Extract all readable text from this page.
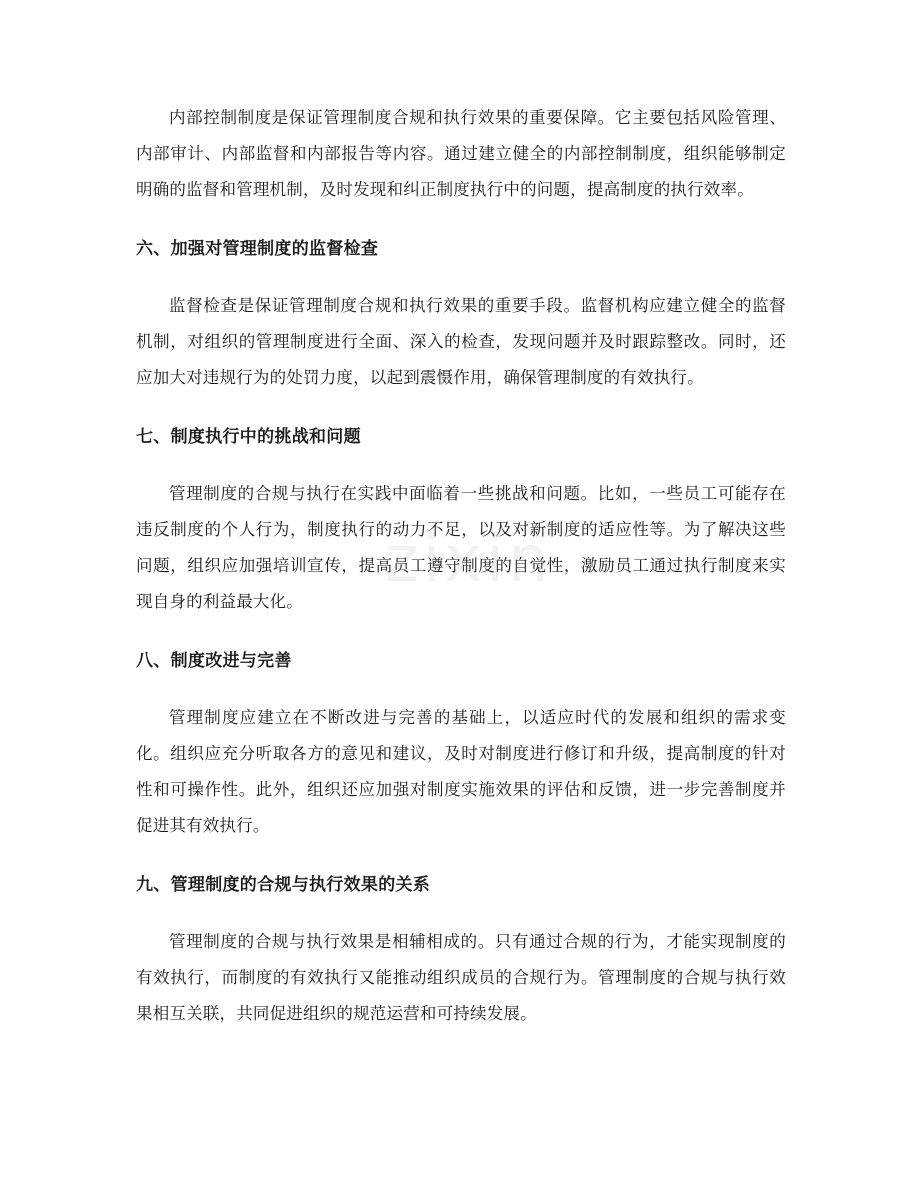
内部控制制度是保证管理制度合规和执行效果的重要保障。它主要包括风险管理、内部审计、内部监督和内部报告等内容。通过建立健全的内部控制制度，组织能够制定明确的监督和管理机制，及时发现和纠正制度执行中的问题，提高制度的执行效率。

六、加强对管理制度的监督检查

监督检查是保证管理制度合规和执行效果的重要手段。监督机构应建立健全的监督机制，对组织的管理制度进行全面、深入的检查，发现问题并及时跟踪整改。同时，还应加大对违规行为的处罚力度，以起到震慑作用，确保管理制度的有效执行。

七、制度执行中的挑战和问题

管理制度的合规与执行在实践中面临着一些挑战和问题。比如，一些员工可能存在违反制度的个人行为，制度执行的动力不足，以及对新制度的适应性等。为了解决这些问题，组织应加强培训宣传，提高员工遵守制度的自觉性，激励员工通过执行制度来实现自身的利益最大化。

八、制度改进与完善

管理制度应建立在不断改进与完善的基础上，以适应时代的发展和组织的需求变化。组织应充分听取各方的意见和建议，及时对制度进行修订和升级，提高制度的针对性和可操作性。此外，组织还应加强对制度实施效果的评估和反馈，进一步完善制度并促进其有效执行。

九、管理制度的合规与执行效果的关系

管理制度的合规与执行效果是相辅相成的。只有通过合规的行为，才能实现制度的有效执行，而制度的有效执行又能推动组织成员的合规行为。管理制度的合规与执行效果相互关联，共同促进组织的规范运营和可持续发展。

zixin
